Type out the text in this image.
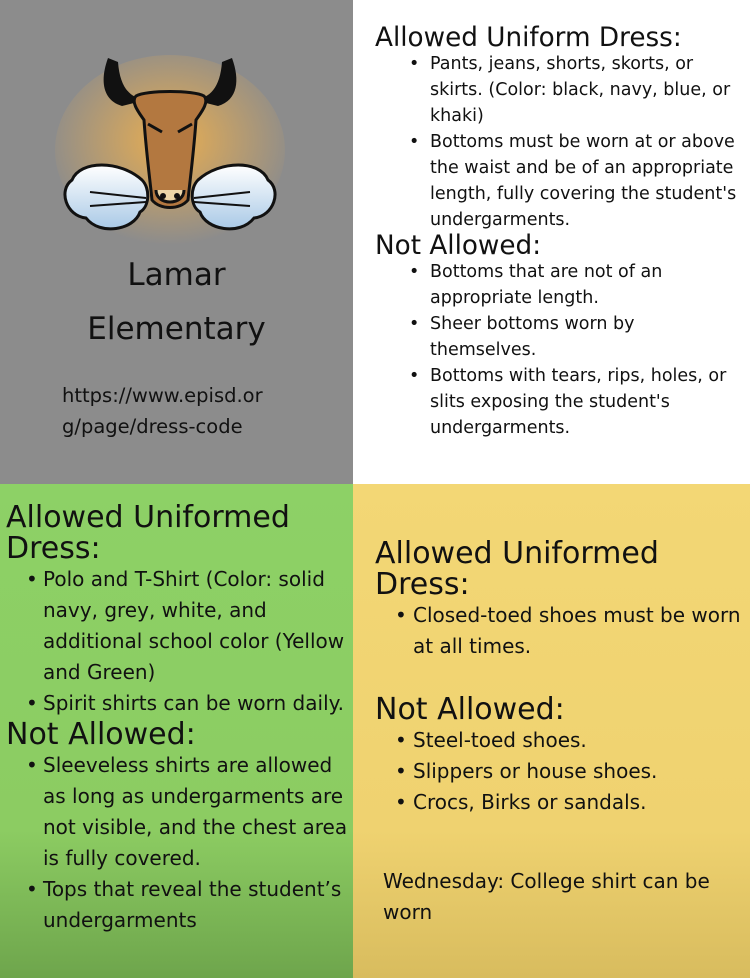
Lamar
Elementary
https://www.episd.or
g/page/dress-code
Allowed Uniform Dress:
• Pants, jeans, shorts, skorts, or skirts. (Color: black, navy, blue, or khaki)
• Bottoms must be worn at or above the waist and be of an appropriate length, fully covering the student's undergarments.
Not Allowed:
• Bottoms that are not of an appropriate length.
• Sheer bottoms worn by themselves.
• Bottoms with tears, rips, holes, or slits exposing the student's undergarments.
Allowed Uniformed Dress:
• Polo and T-Shirt (Color: solid navy, grey, white, and additional school color (Yellow and Green)
• Spirit shirts can be worn daily.
Not Allowed:
• Sleeveless shirts are allowed as long as undergarments are not visible, and the chest area is fully covered.
• Tops that reveal the student’s undergarments
Allowed Uniformed Dress:
• Closed-toed shoes must be worn at all times.
Not Allowed:
• Steel-toed shoes.
• Slippers or house shoes.
• Crocs, Birks or sandals.
Wednesday: College shirt can be worn
